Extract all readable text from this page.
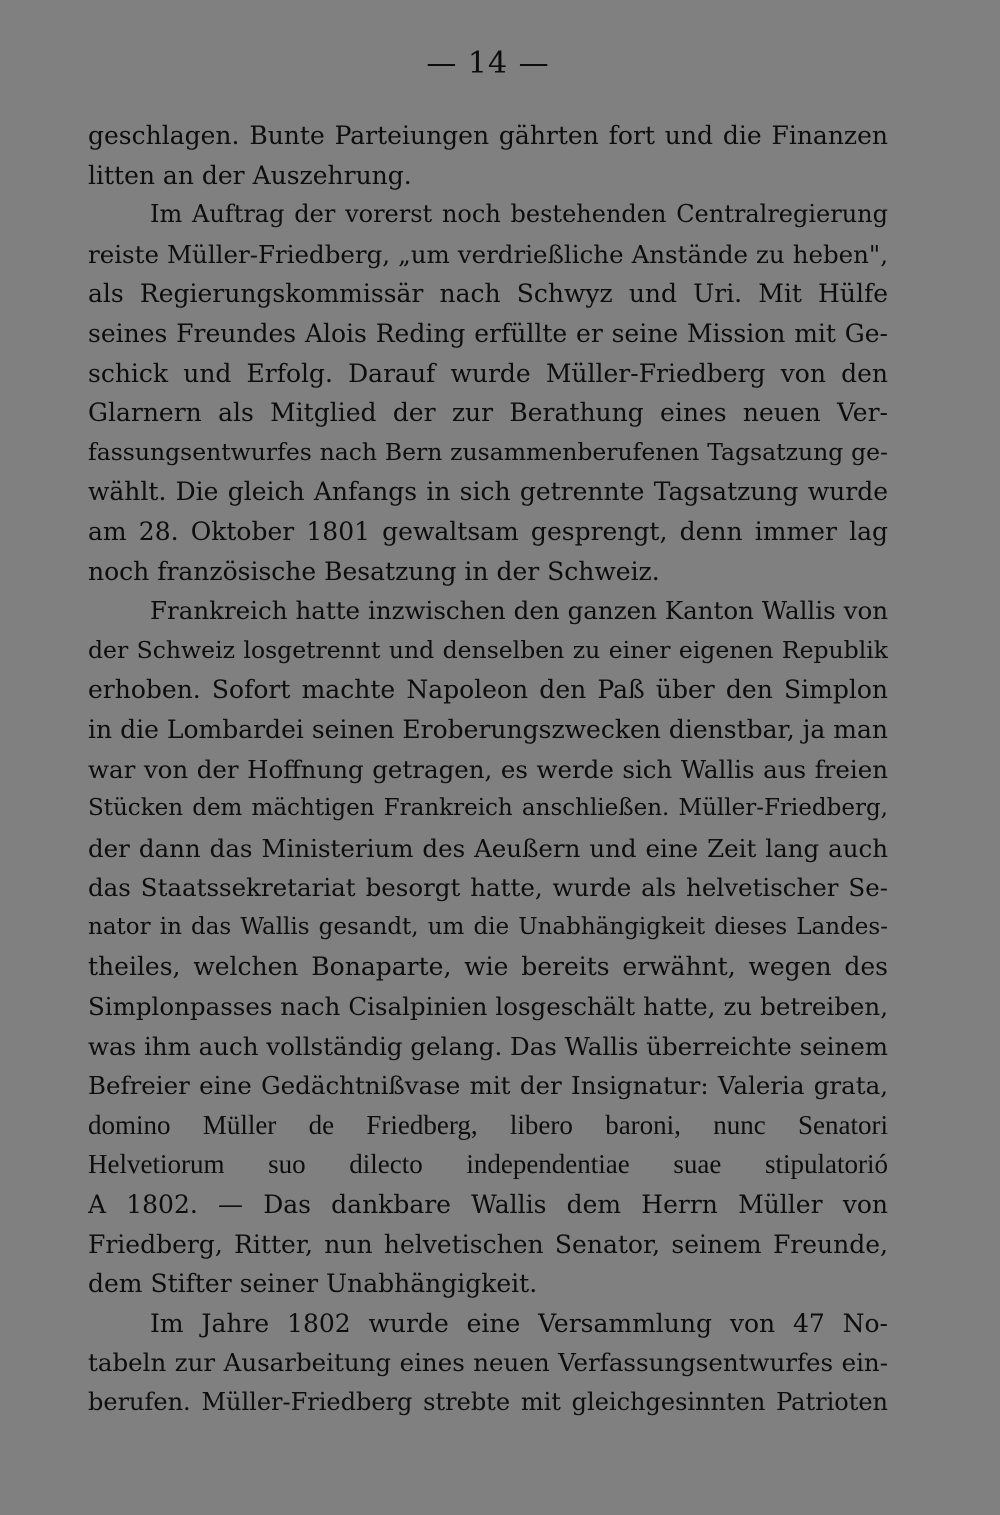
— 14 —
geschlagen. Bunte Parteiungen gährten fort und die Finanzen
litten an der Auszehrung.
Im Auftrag der vorerst noch bestehenden Centralregierung
reiste Müller-Friedberg, „um verdrießliche Anstände zu heben",
als Regierungskommissär nach Schwyz und Uri. Mit Hülfe
seines Freundes Alois Reding erfüllte er seine Mission mit Ge-
schick und Erfolg. Darauf wurde Müller-Friedberg von den
Glarnern als Mitglied der zur Berathung eines neuen Ver-
fassungsentwurfes nach Bern zusammenberufenen Tagsatzung ge-
wählt. Die gleich Anfangs in sich getrennte Tagsatzung wurde
am 28. Oktober 1801 gewaltsam gesprengt, denn immer lag
noch französische Besatzung in der Schweiz.
Frankreich hatte inzwischen den ganzen Kanton Wallis von
der Schweiz losgetrennt und denselben zu einer eigenen Republik
erhoben. Sofort machte Napoleon den Paß über den Simplon
in die Lombardei seinen Eroberungszwecken dienstbar, ja man
war von der Hoffnung getragen, es werde sich Wallis aus freien
Stücken dem mächtigen Frankreich anschließen. Müller-Friedberg,
der dann das Ministerium des Aeußern und eine Zeit lang auch
das Staatssekretariat besorgt hatte, wurde als helvetischer Se-
nator in das Wallis gesandt, um die Unabhängigkeit dieses Landes-
theiles, welchen Bonaparte, wie bereits erwähnt, wegen des
Simplonpasses nach Cisalpinien losgeschält hatte, zu betreiben,
was ihm auch vollständig gelang. Das Wallis überreichte seinem
Befreier eine Gedächtnißvase mit der Insignatur: Valeria grata,
domino Müller de Friedberg, libero baroni, nunc Senatori
Helvetiorum suo dilecto independentiae suae stipulatorió
A 1802. — Das dankbare Wallis dem Herrn Müller von
Friedberg, Ritter, nun helvetischen Senator, seinem Freunde,
dem Stifter seiner Unabhängigkeit.
Im Jahre 1802 wurde eine Versammlung von 47 No-
tabeln zur Ausarbeitung eines neuen Verfassungsentwurfes ein-
berufen. Müller-Friedberg strebte mit gleichgesinnten Patrioten
